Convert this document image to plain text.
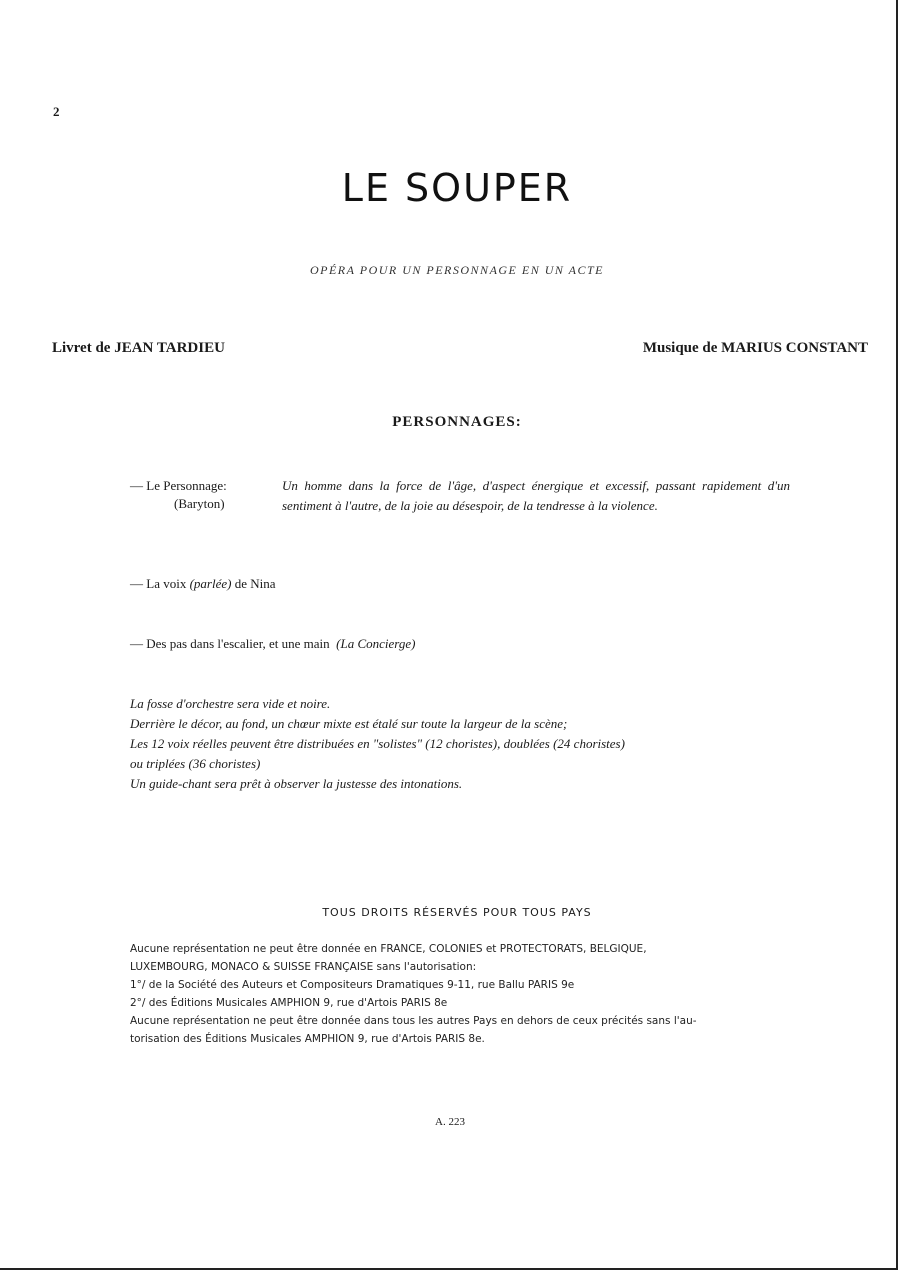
2
LE SOUPER
OPÉRA POUR UN PERSONNAGE EN UN ACTE
Livret de JEAN TARDIEU	Musique de MARIUS CONSTANT
PERSONNAGES:
— Le Personnage:
(Baryton)
Un homme dans la force de l'âge, d'aspect énergique et excessif, passant rapidement d'un sentiment à l'autre, de la joie au désespoir, de la tendresse à la violence.
— La voix (parlée) de Nina
— Des pas dans l'escalier, et une main (La Concierge)
La fosse d'orchestre sera vide et noire.
Derrière le décor, au fond, un chœur mixte est étalé sur toute la largeur de la scène;
Les 12 voix réelles peuvent être distribuées en "solistes" (12 choristes), doublées (24 choristes)
ou triplées (36 choristes)
Un guide-chant sera prêt à observer la justesse des intonations.
TOUS DROITS RÉSERVÉS POUR TOUS PAYS
Aucune représentation ne peut être donnée en FRANCE, COLONIES et PROTECTORATS, BELGIQUE,
LUXEMBOURG, MONACO & SUISSE FRANÇAISE sans l'autorisation:
1°/ de la Société des Auteurs et Compositeurs Dramatiques 9-11, rue Ballu PARIS 9e
2°/ des Éditions Musicales AMPHION 9, rue d'Artois PARIS 8e
Aucune représentation ne peut être donnée dans tous les autres Pays en dehors de ceux précités sans l'au-
torisation des Éditions Musicales AMPHION 9, rue d'Artois PARIS 8e.
A. 223
